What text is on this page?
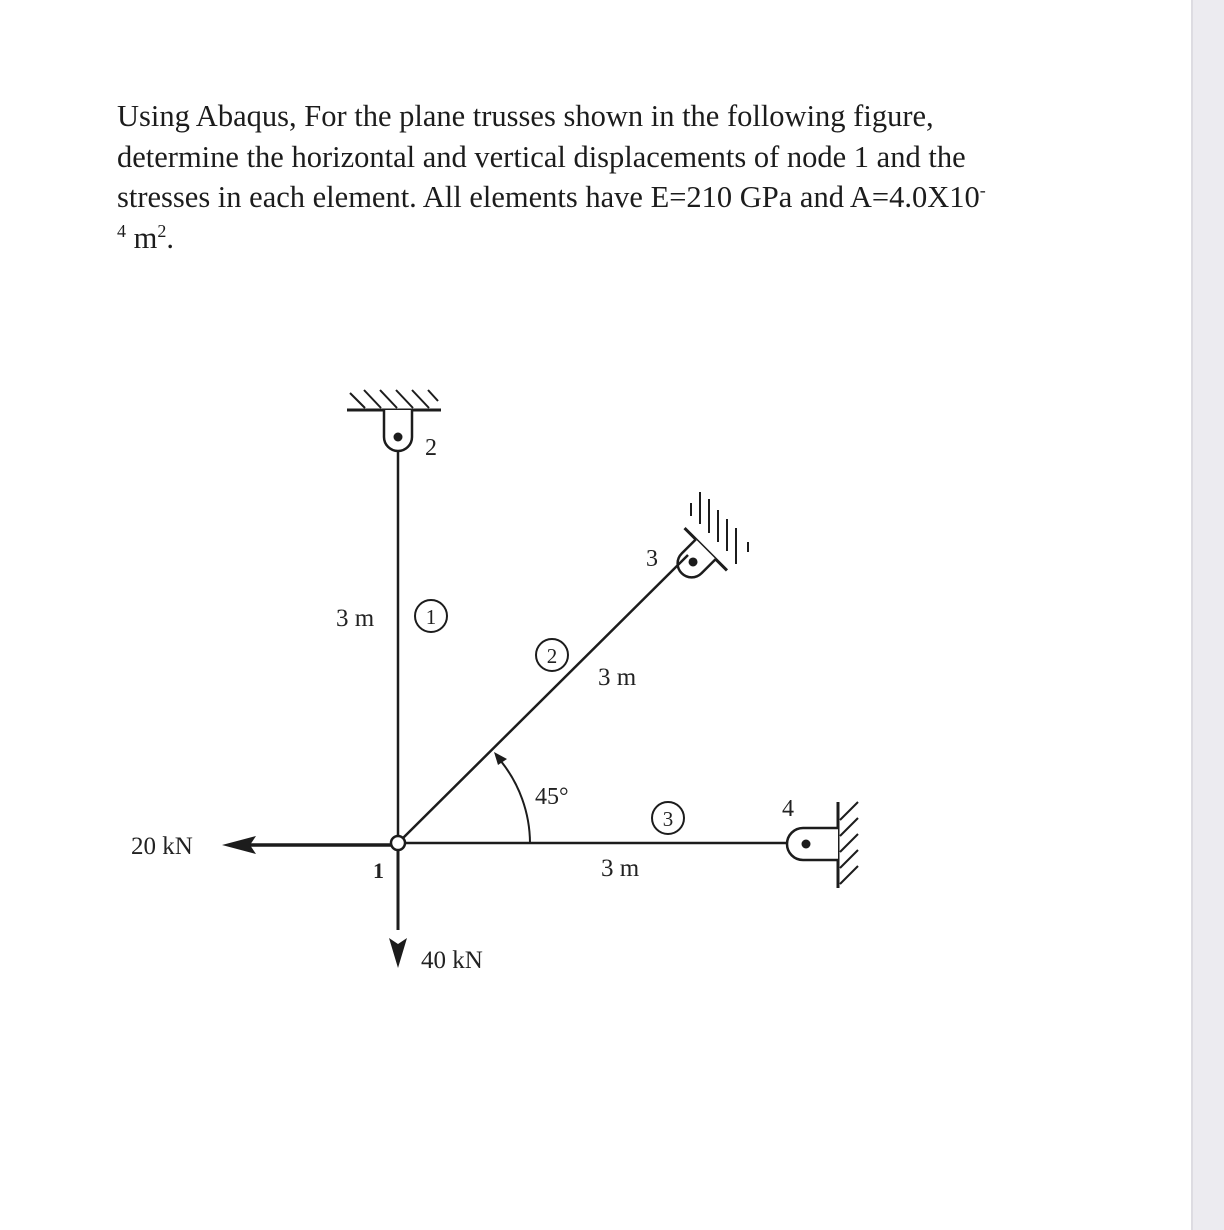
Using Abaqus, For the plane trusses shown in the following figure,
determine the horizontal and vertical displacements of node 1 and the
stresses in each element. All elements have E=210 GPa and A=4.0X10-
$^4$ $m^2$.
2
3
4
1
45°
1
2
3
3 m
3 m
3 m
20 kN
40 kN
